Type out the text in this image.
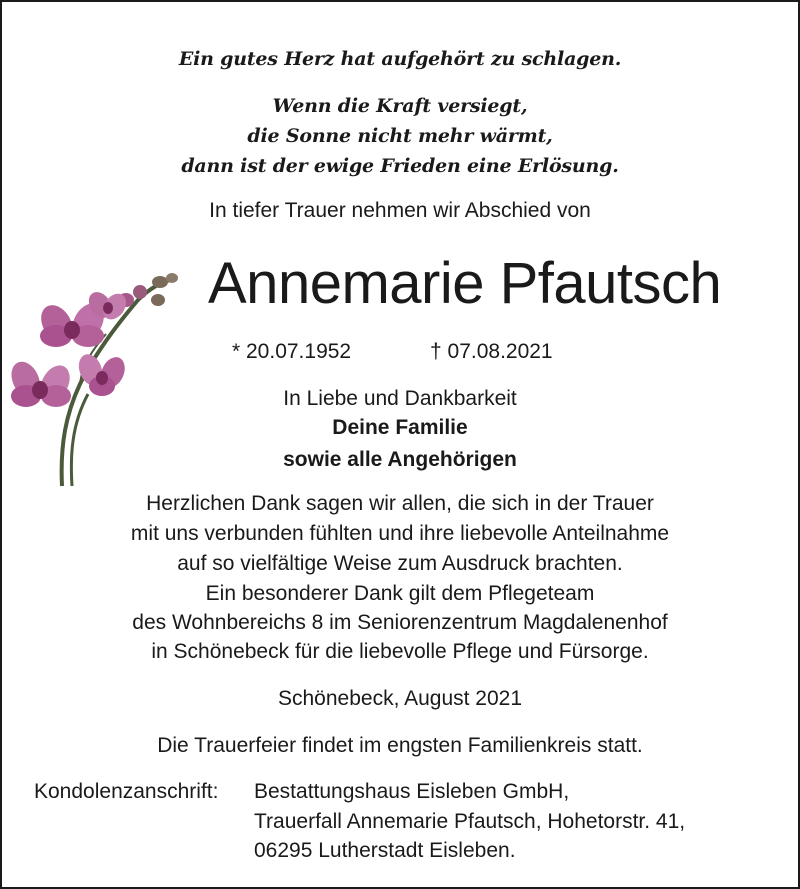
Ein gutes Herz hat aufgehört zu schlagen.
Wenn die Kraft versiegt,
die Sonne nicht mehr wärmt,
dann ist der ewige Frieden eine Erlösung.
In tiefer Trauer nehmen wir Abschied von
Annemarie Pfautsch
* 20.07.1952	† 07.08.2021
In Liebe und Dankbarkeit
Deine Familie
sowie alle Angehörigen
Herzlichen Dank sagen wir allen, die sich in der Trauer
mit uns verbunden fühlten und ihre liebevolle Anteilnahme
auf so vielfältige Weise zum Ausdruck brachten.
Ein besonderer Dank gilt dem Pflegeteam
des Wohnbereichs 8 im Seniorenzentrum Magdalenenhof
in Schönebeck für die liebevolle Pflege und Fürsorge.
Schönebeck, August 2021
Die Trauerfeier findet im engsten Familienkreis statt.
Kondolenzanschrift: Bestattungshaus Eisleben GmbH,
Trauerfall Annemarie Pfautsch, Hohetorstr. 41,
06295 Lutherstadt Eisleben.
